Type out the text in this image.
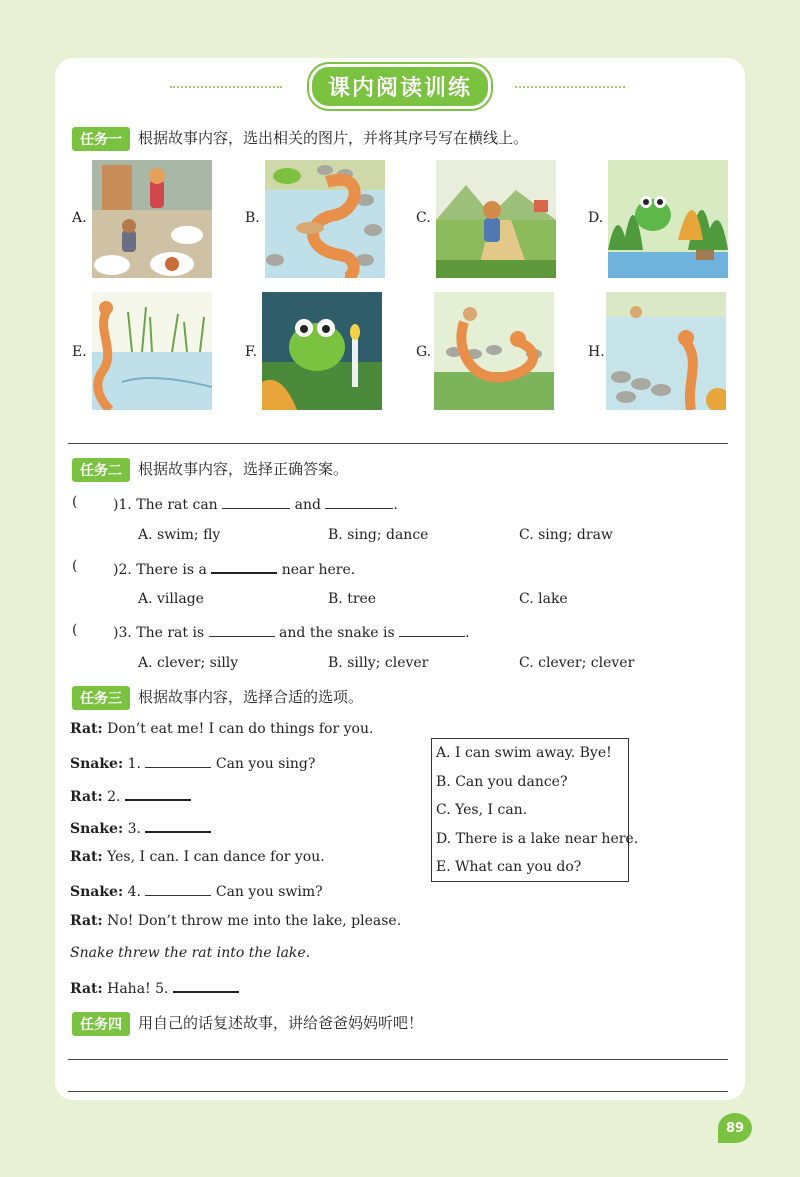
课内阅读训练
任务一	根据故事内容，选出相关的图片，并将其序号写在横线上。
A.	B.	C.	D.
E.	F.	G.	H.
任务二	根据故事内容，选择正确答案。
(	)1. The rat can	and	.
A. swim; fly	B. sing; dance	C. sing; draw
(	)2. There is a	near here.
A. village	B. tree	C. lake
(	)3. The rat is	and the snake is	.
A. clever; silly	B. silly; clever	C. clever; clever
任务三	根据故事内容，选择合适的选项。
Rat: Don’t eat me! I can do things for you.
Snake: 1.	Can you sing?
Rat: 2.
Snake: 3.
Rat: Yes, I can. I can dance for you.
Snake: 4.	Can you swim?
Rat: No! Don’t throw me into the lake, please.
Snake threw the rat into the lake.
Rat: Haha! 5.
A. I can swim away. Bye!
B. Can you dance?
C. Yes, I can.
D. There is a lake near here.
E. What can you do?
任务四	用自己的话复述故事，讲给爸爸妈妈听吧！
89
